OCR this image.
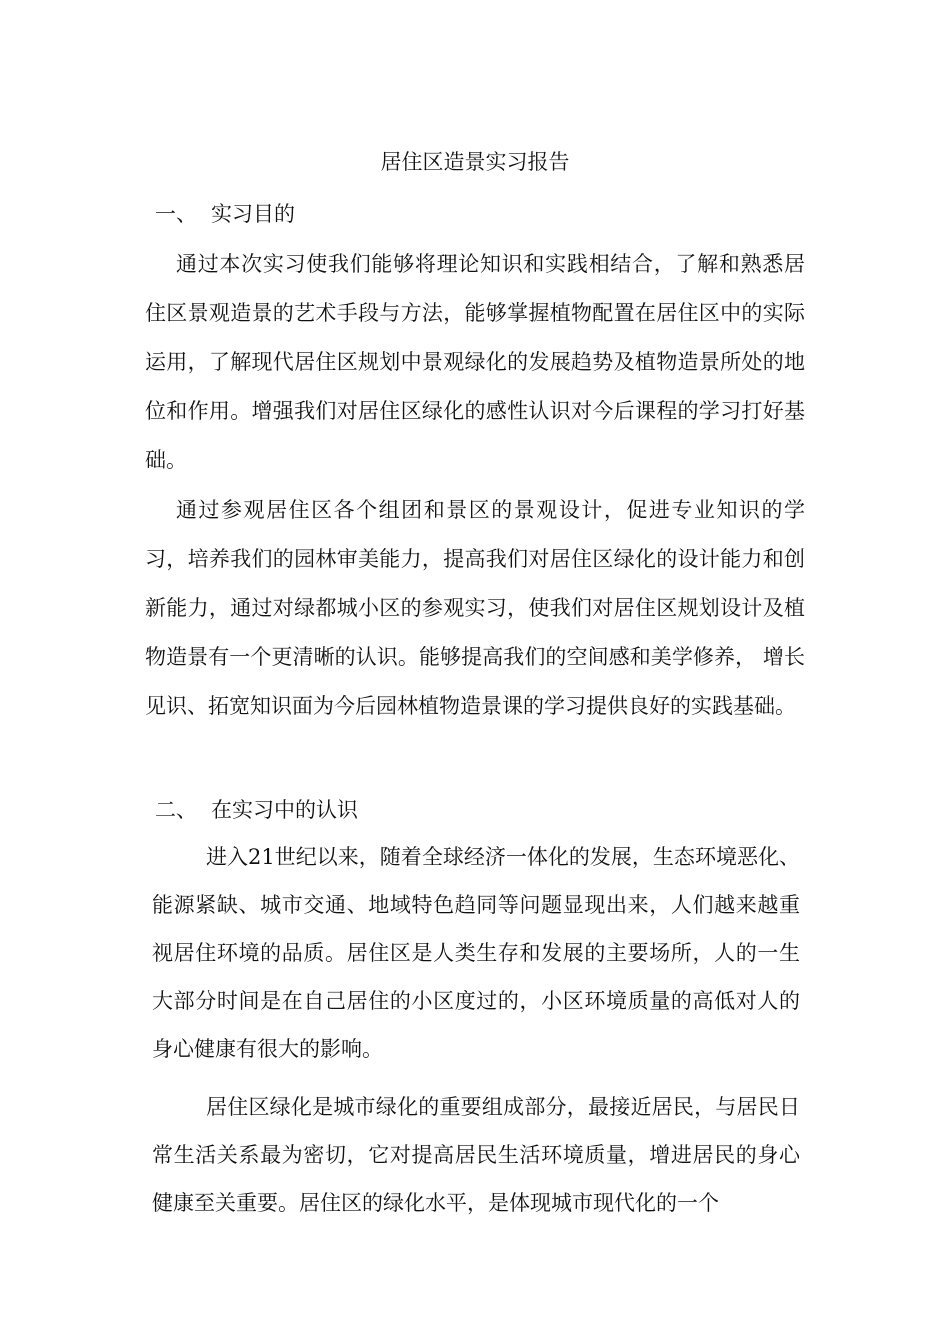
居住区造景实习报告
一、 实习目的
通过本次实习使我们能够将理论知识和实践相结合，了解和熟悉居住区景观造景的艺术手段与方法，能够掌握植物配置在居住区中的实际运用，了解现代居住区规划中景观绿化的发展趋势及植物造景所处的地位和作用。增强我们对居住区绿化的感性认识对今后课程的学习打好基础。
通过参观居住区各个组团和景区的景观设计，促进专业知识的学习，培养我们的园林审美能力，提高我们对居住区绿化的设计能力和创新能力，通过对绿都城小区的参观实习，使我们对居住区规划设计及植物造景有一个更清晰的认识。能够提高我们的空间感和美学修养， 增长见识、拓宽知识面为今后园林植物造景课的学习提供良好的实践基础。
二、 在实习中的认识
进入21世纪以来，随着全球经济一体化的发展，生态环境恶化、能源紧缺、城市交通、地域特色趋同等问题显现出来，人们越来越重视居住环境的品质。居住区是人类生存和发展的主要场所，人的一生大部分时间是在自己居住的小区度过的，小区环境质量的高低对人的身心健康有很大的影响。
居住区绿化是城市绿化的重要组成部分，最接近居民，与居民日常生活关系最为密切，它对提高居民生活环境质量，增进居民的身心健康至关重要。居住区的绿化水平，是体现城市现代化的一个
